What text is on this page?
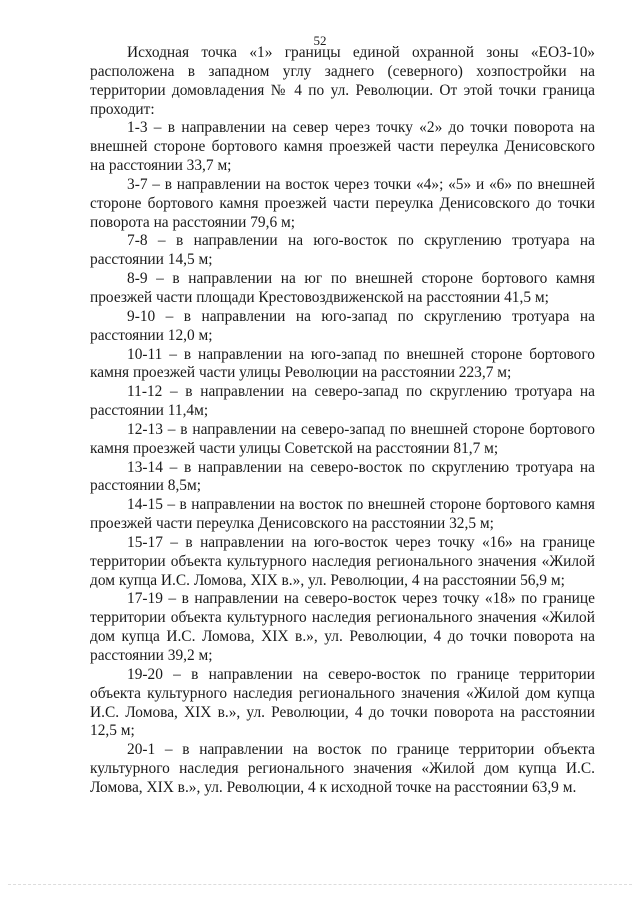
52

Исходная точка «1» границы единой охранной зоны «ЕОЗ-10» расположена в западном углу заднего (северного) хозпостройки на территории домовладения № 4 по ул. Революции. От этой точки граница проходит:

1-3 – в направлении на север через точку «2» до точки поворота на внешней стороне бортового камня проезжей части переулка Денисовского на расстоянии 33,7 м;

3-7 – в направлении на восток через точки «4»; «5» и «6» по внешней стороне бортового камня проезжей части переулка Денисовского до точки поворота на расстоянии 79,6 м;

7-8 – в направлении на юго-восток по скруглению тротуара на расстоянии 14,5 м;

8-9 – в направлении на юг по внешней стороне бортового камня проезжей части площади Крестовоздвиженской на расстоянии 41,5 м;

9-10 – в направлении на юго-запад по скруглению тротуара на расстоянии 12,0 м;

10-11 – в направлении на юго-запад по внешней стороне бортового камня проезжей части улицы Революции на расстоянии 223,7 м;

11-12 – в направлении на северо-запад по скруглению тротуара на расстоянии 11,4м;

12-13 – в направлении на северо-запад по внешней стороне бортового камня проезжей части улицы Советской на расстоянии 81,7 м;

13-14 – в направлении на северо-восток по скруглению тротуара на расстоянии 8,5м;

14-15 – в направлении на восток по внешней стороне бортового камня проезжей части переулка Денисовского на расстоянии 32,5 м;

15-17 – в направлении на юго-восток через точку «16» на границе территории объекта культурного наследия регионального значения «Жилой дом купца И.С. Ломова, XIX в.», ул. Революции, 4 на расстоянии 56,9 м;

17-19 – в направлении на северо-восток через точку «18» по границе территории объекта культурного наследия регионального значения «Жилой дом купца И.С. Ломова, XIX в.», ул. Революции, 4 до точки поворота на расстоянии 39,2 м;

19-20 – в направлении на северо-восток по границе территории объекта культурного наследия регионального значения «Жилой дом купца И.С. Ломова, XIX в.», ул. Революции, 4 до точки поворота на расстоянии 12,5 м;

20-1 – в направлении на восток по границе территории объекта культурного наследия регионального значения «Жилой дом купца И.С. Ломова, XIX в.», ул. Революции, 4 к исходной точке на расстоянии 63,9 м.
